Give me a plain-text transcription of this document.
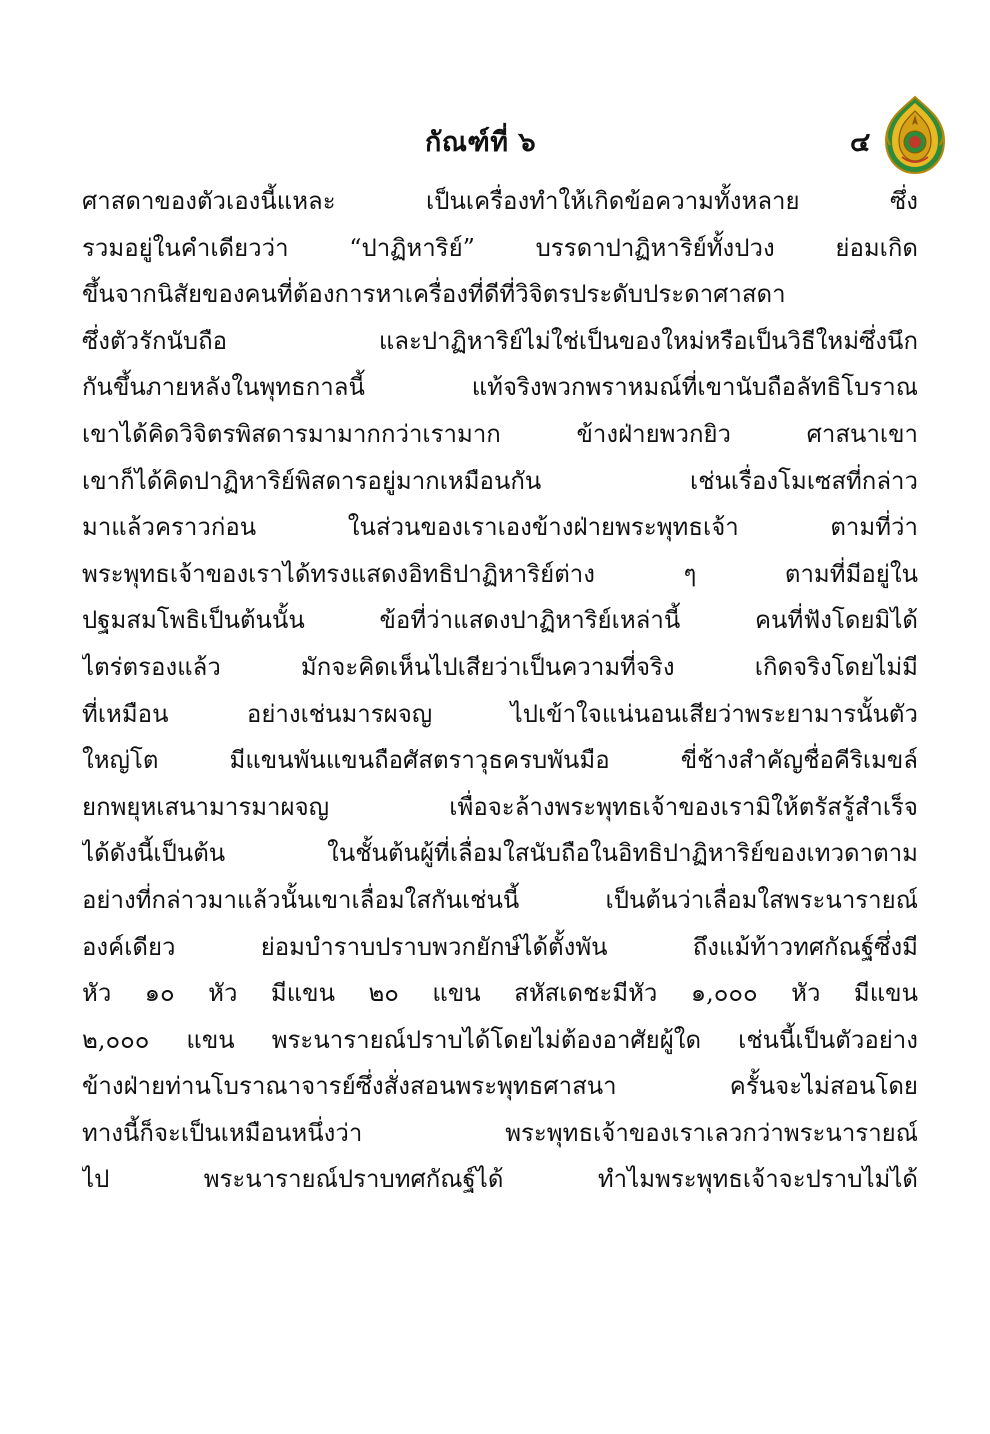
กัณฑ์ที่ ๖	๔
ศาสดาของตัวเองนี้แหละ เป็นเครื่องทำให้เกิดข้อความทั้งหลาย ซึ่ง
รวมอยู่ในคำเดียวว่า “ปาฏิหาริย์” บรรดาปาฏิหาริย์ทั้งปวง ย่อมเกิด
ขึ้นจากนิสัยของคนที่ต้องการหาเครื่องที่ดีที่วิจิตรประดับประดาศาสดา
ซึ่งตัวรักนับถือ และปาฏิหาริย์ไม่ใช่เป็นของใหม่หรือเป็นวิธีใหม่ซึ่งนึก
กันขึ้นภายหลังในพุทธกาลนี้ แท้จริงพวกพราหมณ์ที่เขานับถือลัทธิโบราณ
เขาได้คิดวิจิตรพิสดารมามากกว่าเรามาก ข้างฝ่ายพวกยิว ศาสนาเขา
เขาก็ได้คิดปาฏิหาริย์พิสดารอยู่มากเหมือนกัน เช่นเรื่องโมเซสที่กล่าว
มาแล้วคราวก่อน ในส่วนของเราเองข้างฝ่ายพระพุทธเจ้า ตามที่ว่า
พระพุทธเจ้าของเราได้ทรงแสดงอิทธิปาฏิหาริย์ต่าง ๆ ตามที่มีอยู่ใน
ปฐมสมโพธิเป็นต้นนั้น ข้อที่ว่าแสดงปาฏิหาริย์เหล่านี้ คนที่ฟังโดยมิได้
ไตร่ตรองแล้ว มักจะคิดเห็นไปเสียว่าเป็นความที่จริง เกิดจริงโดยไม่มี
ที่เหมือน อย่างเช่นมารผจญ ไปเข้าใจแน่นอนเสียว่าพระยามารนั้นตัว
ใหญ่โต มีแขนพันแขนถือศัสตราวุธครบพันมือ ขี่ช้างสำคัญชื่อคีริเมขล์
ยกพยุหเสนามารมาผจญ เพื่อจะล้างพระพุทธเจ้าของเรามิให้ตรัสรู้สำเร็จ
ได้ดังนี้เป็นต้น ในชั้นต้นผู้ที่เลื่อมใสนับถือในอิทธิปาฏิหาริย์ของเทวดาตาม
อย่างที่กล่าวมาแล้วนั้นเขาเลื่อมใสกันเช่นนี้ เป็นต้นว่าเลื่อมใสพระนารายณ์
องค์เดียว ย่อมบำราบปราบพวกยักษ์ได้ตั้งพัน ถึงแม้ท้าวทศกัณฐ์ซึ่งมี
หัว ๑๐ หัว มีแขน ๒๐ แขน สหัสเดชะมีหัว ๑,๐๐๐ หัว มีแขน
๒,๐๐๐ แขน พระนารายณ์ปราบได้โดยไม่ต้องอาศัยผู้ใด เช่นนี้เป็นตัวอย่าง
ข้างฝ่ายท่านโบราณาจารย์ซึ่งสั่งสอนพระพุทธศาสนา ครั้นจะไม่สอนโดย
ทางนี้ก็จะเป็นเหมือนหนึ่งว่า พระพุทธเจ้าของเราเลวกว่าพระนารายณ์
ไป พระนารายณ์ปราบทศกัณฐ์ได้ ทำไมพระพุทธเจ้าจะปราบไม่ได้
